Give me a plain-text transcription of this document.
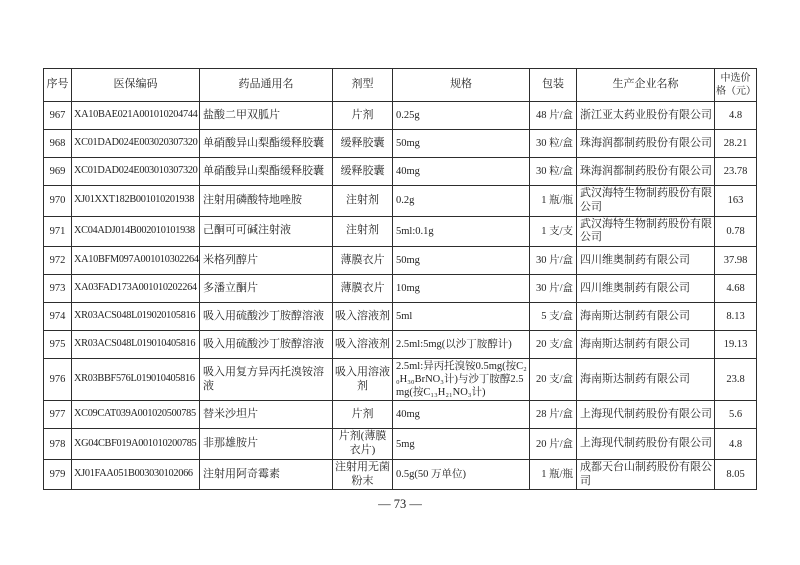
序号	医保编码	药品通用名	剂型	规格	包装	生产企业名称	中选价格（元）
967	XA10BAE021A001010204744	盐酸二甲双胍片	片剂	0.25g	48 片/盒	浙江亚太药业股份有限公司	4.8
968	XC01DAD024E003020307320	单硝酸异山梨酯缓释胶囊	缓释胶囊	50mg	30 粒/盒	珠海润都制药股份有限公司	28.21
969	XC01DAD024E003010307320	单硝酸异山梨酯缓释胶囊	缓释胶囊	40mg	30 粒/盒	珠海润都制药股份有限公司	23.78
970	XJ01XXT182B001010201938	注射用磷酸特地唑胺	注射剂	0.2g	1 瓶/瓶	武汉海特生物制药股份有限公司	163
971	XC04ADJ014B002010101938	己酮可可碱注射液	注射剂	5ml:0.1g	1 支/支	武汉海特生物制药股份有限公司	0.78
972	XA10BFM097A001010302264	米格列醇片	薄膜衣片	50mg	30 片/盒	四川维奥制药有限公司	37.98
973	XA03FAD173A001010202264	多潘立酮片	薄膜衣片	10mg	30 片/盒	四川维奥制药有限公司	4.68
974	XR03ACS048L019020105816	吸入用硫酸沙丁胺醇溶液	吸入溶液剂	5ml	5 支/盒	海南斯达制药有限公司	8.13
975	XR03ACS048L019010405816	吸入用硫酸沙丁胺醇溶液	吸入溶液剂	2.5ml:5mg(以沙丁胺醇计)	20 支/盒	海南斯达制药有限公司	19.13
976	XR03BBF576L019010405816	吸入用复方异丙托溴铵溶液	吸入用溶液剂	2.5ml:异丙托溴铵0.5mg(按C₂₀H₃₀BrNO₃计)与沙丁胺醇2.5mg(按C₁₃H₂₁NO₃计)	20 支/盒	海南斯达制药有限公司	23.8
977	XC09CAT039A001020500785	替米沙坦片	片剂	40mg	28 片/盒	上海现代制药股份有限公司	5.6
978	XG04CBF019A001010200785	非那雄胺片	片剂(薄膜衣片)	5mg	20 片/盒	上海现代制药股份有限公司	4.8
979	XJ01FAA051B003030102066	注射用阿奇霉素	注射用无菌粉末	0.5g(50 万单位)	1 瓶/瓶	成都天台山制药股份有限公司	8.05
— 73 —
